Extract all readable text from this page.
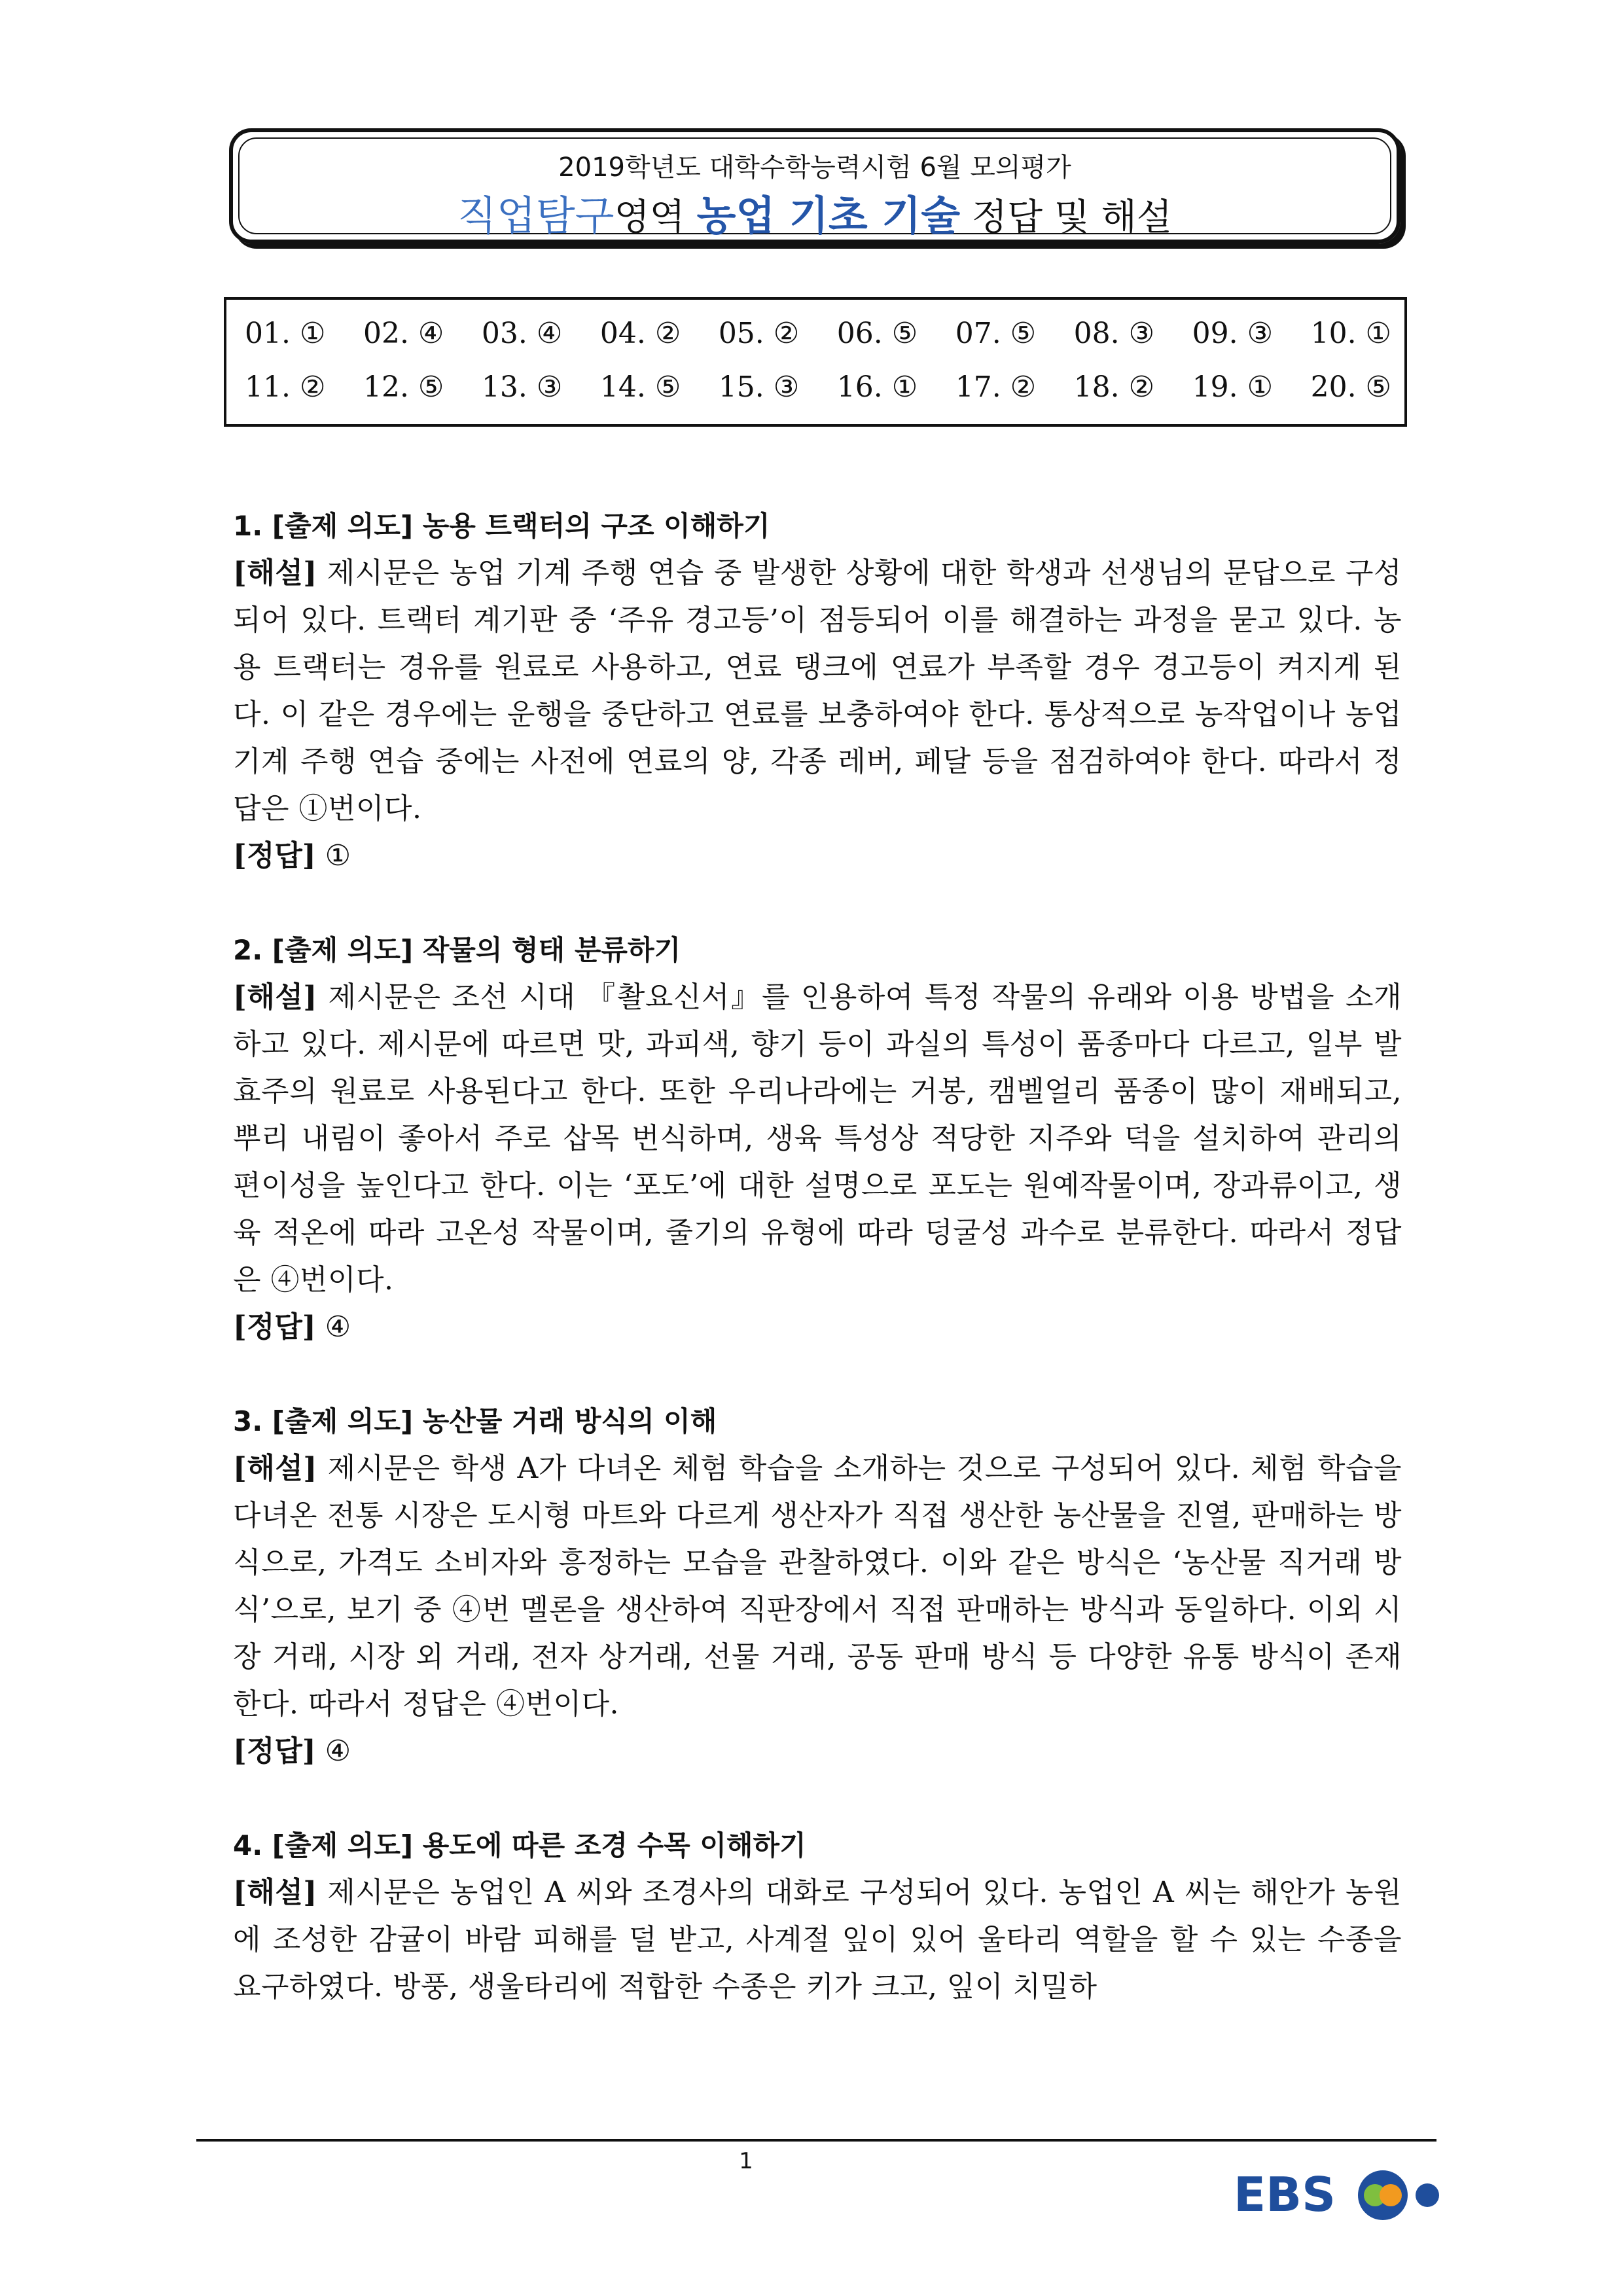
2019학년도 대학수학능력시험 6월 모의평가
직업탐구영역 농업 기초 기술 정답 및 해설
01. ① 02. ④ 03. ④ 04. ② 05. ② 06. ⑤ 07. ⑤ 08. ③ 09. ③ 10. ①
11. ② 12. ⑤ 13. ③ 14. ⑤ 15. ③ 16. ① 17. ② 18. ② 19. ① 20. ⑤
1. [출제 의도] 농용 트랙터의 구조 이해하기
[해설] 제시문은 농업 기계 주행 연습 중 발생한 상황에 대한 학생과 선생님의 문답으로 구성되어 있다. 트랙터 계기판 중 ‘주유 경고등’이 점등되어 이를 해결하는 과정을 묻고 있다. 농용 트랙터는 경유를 원료로 사용하고, 연료 탱크에 연료가 부족할 경우 경고등이 켜지게 된다. 이 같은 경우에는 운행을 중단하고 연료를 보충하여야 한다. 통상적으로 농작업이나 농업 기계 주행 연습 중에는 사전에 연료의 양, 각종 레버, 페달 등을 점검하여야 한다. 따라서 정답은 ①번이다.
[정답] ①
2. [출제 의도] 작물의 형태 분류하기
[해설] 제시문은 조선 시대 『촬요신서』를 인용하여 특정 작물의 유래와 이용 방법을 소개하고 있다. 제시문에 따르면 맛, 과피색, 향기 등이 과실의 특성이 품종마다 다르고, 일부 발효주의 원료로 사용된다고 한다. 또한 우리나라에는 거봉, 캠벨얼리 품종이 많이 재배되고, 뿌리 내림이 좋아서 주로 삽목 번식하며, 생육 특성상 적당한 지주와 덕을 설치하여 관리의 편이성을 높인다고 한다. 이는 ‘포도’에 대한 설명으로 포도는 원예작물이며, 장과류이고, 생육 적온에 따라 고온성 작물이며, 줄기의 유형에 따라 덩굴성 과수로 분류한다. 따라서 정답은 ④번이다.
[정답] ④
3. [출제 의도] 농산물 거래 방식의 이해
[해설] 제시문은 학생 A가 다녀온 체험 학습을 소개하는 것으로 구성되어 있다. 체험 학습을 다녀온 전통 시장은 도시형 마트와 다르게 생산자가 직접 생산한 농산물을 진열, 판매하는 방식으로, 가격도 소비자와 흥정하는 모습을 관찰하였다. 이와 같은 방식은 ‘농산물 직거래 방식’으로, 보기 중 ④번 멜론을 생산하여 직판장에서 직접 판매하는 방식과 동일하다. 이외 시장 거래, 시장 외 거래, 전자 상거래, 선물 거래, 공동 판매 방식 등 다양한 유통 방식이 존재한다. 따라서 정답은 ④번이다.
[정답] ④
4. [출제 의도] 용도에 따른 조경 수목 이해하기
[해설] 제시문은 농업인 A 씨와 조경사의 대화로 구성되어 있다. 농업인 A 씨는 해안가 농원에 조성한 감귤이 바람 피해를 덜 받고, 사계절 잎이 있어 울타리 역할을 할 수 있는 수종을 요구하였다. 방풍, 생울타리에 적합한 수종은 키가 크고, 잎이 치밀하
1
EBS
